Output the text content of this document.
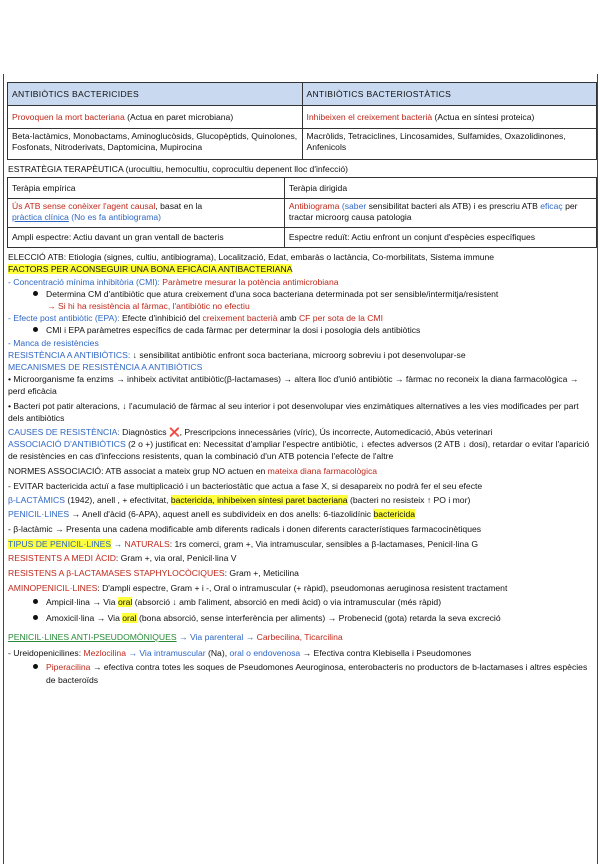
ANTIBIÒTICS BACTERICIDES	ANTIBIÒTICS BACTERIOSTÀTICS
Provoquen la mort bacteriana (Actua en paret microbiana)	Inhibeixen el creixement bacterià (Actua en síntesi proteica)
Beta-lactàmics, Monobactams, Aminoglucòsids, Glucopèptids, Quinolones, Fosfonats, Nitroderivats, Daptomicina, Mupirocina	Macròlids, Tetraciclines, Lincosamides, Sulfamides, Oxazolidinones, Anfenicols
ESTRATÈGIA TERAPÈUTICA (urocultiu, hemocultiu, coprocultiu depenent lloc d'infecció)
Teràpia empírica	Teràpia dirigida
Ús ATB sense conèixer l'agent causal, basat en la
pràctica clínica (No es fa antibiograma)	Antibiograma (saber sensibilitat bacteri als ATB) i es prescriu ATB eficaç per tractar microorg causa patologia
Ampli espectre: Actiu davant un gran ventall de bacteris	Espectre reduït: Actiu enfront un conjunt d'espècies específiques
ELECCIÓ ATB: Etiologia (signes, cultiu, antibiograma), Localització, Edat, embaràs o lactància, Co-morbilitats, Sistema immune
FACTORS PER ACONSEGUIR UNA BONA EFICÀCIA ANTIBACTERIANA
- Concentració mínima inhibitòria (CMI): Paràmetre mesurar la potència antimicrobiana
Determina CM d'antibiòtic que atura creixement d'una soca bacteriana determinada pot ser sensible/intermitja/resistent
→ Si hi ha resistència al fàrmac, l'antibiòtic no efectiu
- Efecte post antibiòtic (EPA): Efecte d'inhibició del creixement bacterià amb CF per sota de la CMI
CMI i EPA paràmetres específics de cada fàrmac per determinar la dosi i posologia dels antibiòtics
- Manca de resistències
RESISTÈNCIA A ANTIBIÒTICS: ↓ sensibilitat antibiòtic enfront soca bacteriana, microorg sobreviu i pot desenvolupar-se
MECANISMES DE RESISTÈNCIA A ANTIBIÒTICS
• Microorganisme fa enzims → inhibeix activitat antibiòtic(β-lactamases) → altera lloc d'unió antibiòtic → fàrmac no reconeix la diana farmacològica → perd eficàcia
• Bacteri pot patir alteracions, ↓ l'acumulació de fàrmac al seu interior i pot desenvolupar vies enzimàtiques alternatives a les vies modificades per part dels antibiòtics
CAUSES DE RESISTÈNCIA: Diagnòstics ❌, Prescripcions innecessàries (víric), Ús incorrecte, Automedicació, Abús veterinari
ASSOCIACIÓ D'ANTIBIÒTICS (2 o +) justificat en: Necessitat d'ampliar l'espectre antibiòtic, ↓ efectes adversos (2 ATB ↓ dosi), retardar o evitar l'aparició de resistències en cas d'infeccions resistents, quan la combinació d'un ATB potencia l'efecte de l'altre
NORMES ASSOCIACIÓ: ATB associat a mateix grup NO actuen en mateixa diana farmacològica
- EVITAR bactericida actuï a fase multiplicació i un bacteriostàtic que actua a fase X, si desapareix no podrà fer el seu efecte
β-LACTÀMICS (1942), anell , + efectivitat, bactericida, inhibeixen síntesi paret bacteriana (bacteri no resisteix ↑ PO i mor)
PENICIL·LINES → Anell d'àcid (6-APA), aquest anell es subdivideix en dos anells: 6-tiazolidínic bactericida
- β-lactàmic → Presenta una cadena modificable amb diferents radicals i donen diferents característiques farmacocinètiques
TIPUS DE PENICIL·LINES → NATURALS: 1rs comerci, gram +, Via intramuscular, sensibles a β-lactamases, Penicil·lina G
RESISTENTS A MEDI ÀCID: Gram +, via oral, Penicil·lina V
RESISTENS A β-LACTAMASES STAPHYLOCÒCIQUES: Gram +, Meticilina
AMINOPENICIL·LINES: D'ampli espectre, Gram + i -, Oral o intramuscular (+ ràpid), pseudomonas aeruginosa resistent tractament
Ampicil·lina → Via oral (absorció ↓ amb l'aliment, absorció en medi àcid) o via intramuscular (més ràpid)
Amoxicil·lina → Via oral (bona absorció, sense interferència per aliments) → Probenecid (gota) retarda la seva excreció
PENICIL·LINES ANTI-PSEUDOMÒNIQUES → Via parenteral → Carbecilina, Ticarcilina
- Ureidopenicilines: Mezlocilina → Via intramuscular (Na), oral o endovenosa → Efectiva contra Klebisella i Pseudomones
Piperacilina → efectiva contra totes les soques de Pseudomones Aeuroginosa, enterobacteris no productors de b-lactamases i altres espècies de bacteroïds
